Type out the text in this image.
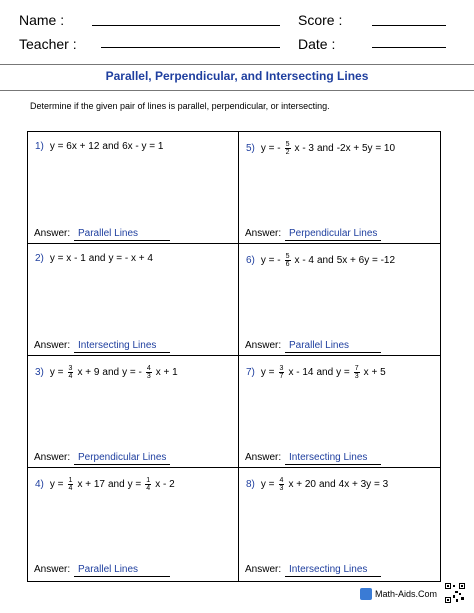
Name :
Teacher :
Score :
Date :
Parallel, Perpendicular, and Intersecting Lines
Determine if the given pair of lines is parallel, perpendicular, or intersecting.
1) y = 6x + 12 and 6x - y = 1
Answer: Parallel Lines
5) y = - $\frac{5}{2}$ x - 3 and -2x + 5y = 10
Answer: Perpendicular Lines
2) y = x - 1 and y = - x + 4
Answer: Intersecting Lines
6) y = - $\frac{5}{6}$ x - 4 and 5x + 6y = -12
Answer: Parallel Lines
3) $y = \frac{3}{4}$ x + 9 and y = - $\frac{4}{3}$ x + 1
Answer: Perpendicular Lines
7) $y = \frac{3}{7}$ x - 14 and $y = \frac{7}{3}$ x + 5
Answer: Intersecting Lines
4) $y = \frac{1}{4}$ x + 17 and $y = \frac{1}{4}$ x - 2
Answer: Parallel Lines
8) $y = \frac{4}{3}$ x + 20 and 4x + 3y = 3
Answer: Intersecting Lines
Math-Aids.Com
